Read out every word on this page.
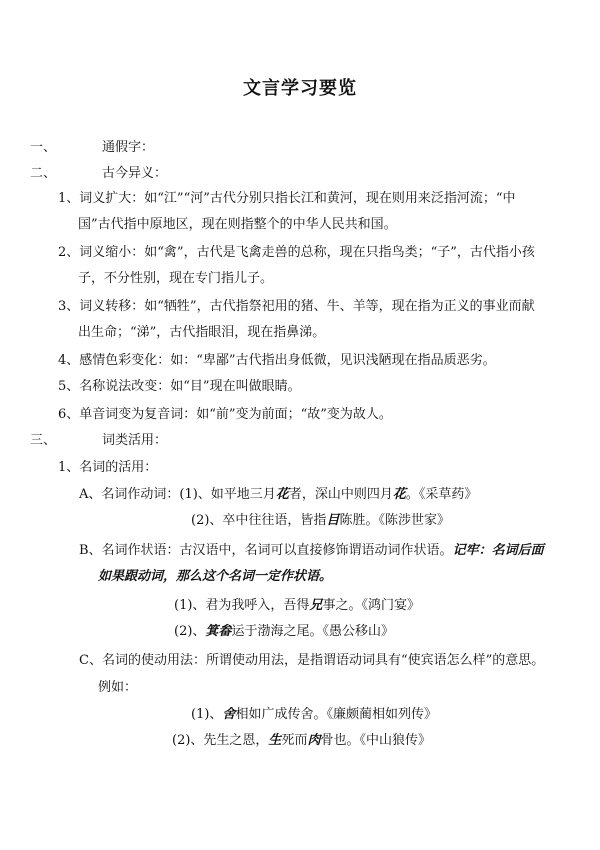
文言学习要览
一、	通假字：
二、	古今异义：
1、词义扩大：如“江”“河”古代分别只指长江和黄河，现在则用来泛指河流；“中
国”古代指中原地区，现在则指整个的中华人民共和国。
2、词义缩小：如“禽”，古代是飞禽走兽的总称，现在只指鸟类；“子”，古代指小孩
子，不分性别，现在专门指儿子。
3、词义转移：如“牺牲”，古代指祭祀用的猪、牛、羊等，现在指为正义的事业而献
出生命；“涕”，古代指眼泪，现在指鼻涕。
4、感情色彩变化：如：“卑鄙”古代指出身低微，见识浅陋现在指品质恶劣。
5、名称说法改变：如“目”现在叫做眼睛。
6、单音词变为复音词：如“前”变为前面；“故”变为故人。
三、	词类活用：
1、名词的活用：
A、名词作动词：(1)、如平地三月花者，深山中则四月花。《采草药》
(2)、卒中往往语，皆指目陈胜。《陈涉世家》
B、名词作状语：古汉语中，名词可以直接修饰谓语动词作状语。记牢：名词后面
如果跟动词，那么这个名词一定作状语。
(1)、君为我呼入，吾得兄事之。《鸿门宴》
(2)、箕畚运于渤海之尾。《愚公移山》
C、名词的使动用法：所谓使动用法，是指谓语动词具有“使宾语怎么样”的意思。
例如：
(1)、舍相如广成传舍。《廉颇蔺相如列传》
(2)、先生之恩，生死而肉骨也。《中山狼传》
